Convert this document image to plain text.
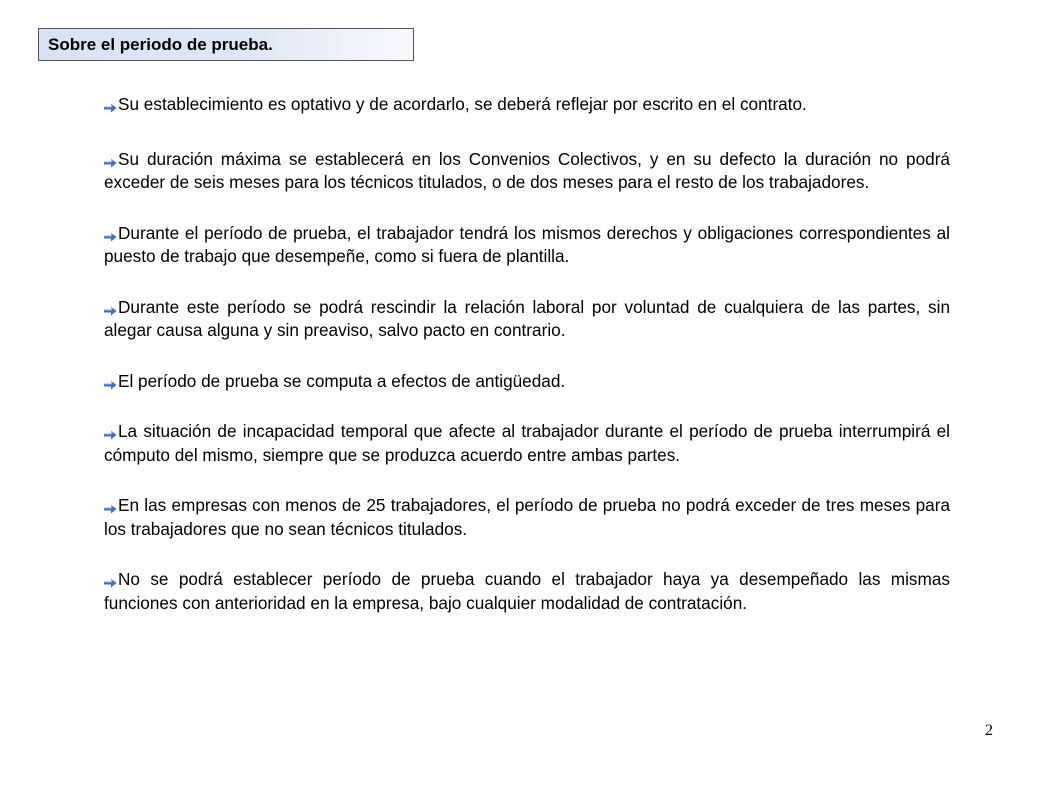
Sobre el periodo de prueba.

Su establecimiento es optativo y de acordarlo, se deberá reflejar por escrito en el contrato.

Su duración máxima se establecerá en los Convenios Colectivos, y en su defecto la duración no podrá exceder de seis meses para los técnicos titulados, o de dos meses para el resto de los trabajadores.

Durante el período de prueba, el trabajador tendrá los mismos derechos y obligaciones correspondientes al puesto de trabajo que desempeñe, como si fuera de plantilla.

Durante este período se podrá rescindir la relación laboral por voluntad de cualquiera de las partes, sin alegar causa alguna y sin preaviso, salvo pacto en contrario.

El período de prueba se computa a efectos de antigüedad.

La situación de incapacidad temporal que afecte al trabajador durante el período de prueba interrumpirá el cómputo del mismo, siempre que se produzca acuerdo entre ambas partes.

En las empresas con menos de 25 trabajadores, el período de prueba no podrá exceder de tres meses para los trabajadores que no sean técnicos titulados.

No se podrá establecer período de prueba cuando el trabajador haya ya desempeñado las mismas funciones con anterioridad en la empresa, bajo cualquier modalidad de contratación.

2
